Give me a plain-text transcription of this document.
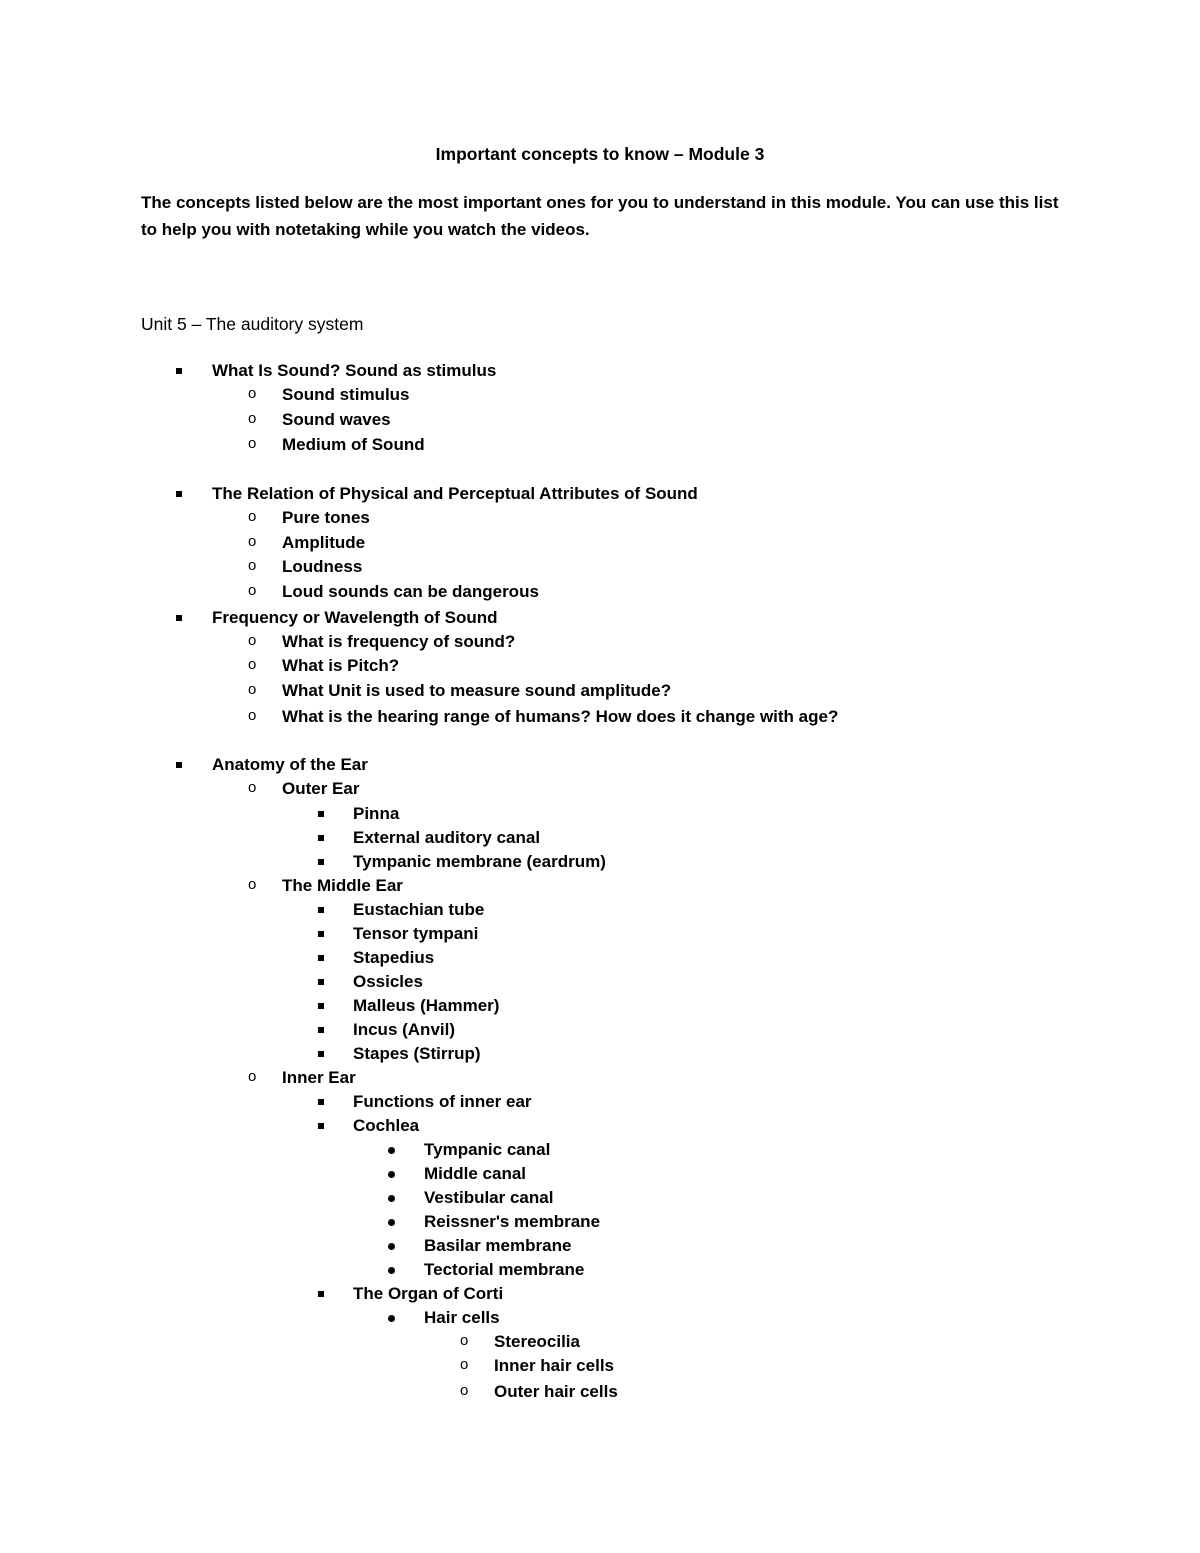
Important concepts to know – Module 3

The concepts listed below are the most important ones for you to understand in this module. You can use this list to help you with notetaking while you watch the videos.

Unit 5 – The auditory system
What Is Sound? Sound as stimulus
o Sound stimulus
o Sound waves
o Medium of Sound
The Relation of Physical and Perceptual Attributes of Sound
o Pure tones
o Amplitude
o Loudness
o Loud sounds can be dangerous
Frequency or Wavelength of Sound
o What is frequency of sound?
o What is Pitch?
o What Unit is used to measure sound amplitude?
o What is the hearing range of humans? How does it change with age?
Anatomy of the Ear
o Outer Ear
Pinna
External auditory canal
Tympanic membrane (eardrum)
o The Middle Ear
Eustachian tube
Tensor tympani
Stapedius
Ossicles
Malleus (Hammer)
Incus (Anvil)
Stapes (Stirrup)
o Inner Ear
Functions of inner ear
Cochlea
Tympanic canal
Middle canal
Vestibular canal
Reissner's membrane
Basilar membrane
Tectorial membrane
The Organ of Corti
Hair cells
o Stereocilia
o Inner hair cells
o Outer hair cells
